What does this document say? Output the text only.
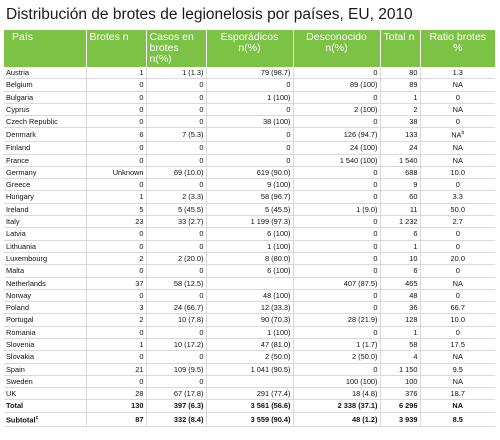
Distribución de brotes de legionelosis por países, EU, 2010
País	Brotes n	Casos en brotes n(%)	Esporádicos n(%)	Desconocido n(%)	Total n	Ratio brotes %
Austria	1	1 (1.3)	79 (98.7)	0	80	1.3
Belgium	0	0	0	89 (100)	89	NA
Bulgaria	0	0	1 (100)	0	1	0
Cyprus	0	0	0	2 (100)	2	NA
Czech Republic	0	0	38 (100)	0	38	0
Denmark	6	7 (5.3)	0	126 (94.7)	133	$NA^b$
Finland	0	0	0	24 (100)	24	NA
France	0	0	0	1 540 (100)	1 540	NA
Germany	Unknown	69 (10.0)	619 (90.0)	0	688	10.0
Greece	0	0	9 (100)	0	9	0
Hungary	1	2 (3.3)	58 (96.7)	0	60	3.3
Ireland	5	5 (45.5)	5 (45.5)	1 (9.0)	11	50.0
Italy	23	33 (2.7)	1 199 (97.3)	0	1 232	2.7
Latvia	0	0	6 (100)	0	6	0
Lithuania	0	0	1 (100)	0	1	0
Luxembourg	2	2 (20.0)	8 (80.0)	0	10	20.0
Malta	0	0	6 (100)	0	6	0
Netherlands	37	58 (12.5)		407 (87.5)	465	NA
Norway	0	0	48 (100)	0	48	0
Poland	3	24 (66.7)	12 (33.3)	0	36	66.7
Portugal	2	10 (7.8)	90 (70.3)	28 (21.9)	128	10.0
Romania	0	0	1 (100)	0	1	0
Slovenia	1	10 (17.2)	47 (81.0)	1 (1.7)	58	17.5
Slovakia	0	0	2 (50.0)	2 (50.0)	4	NA
Spain	21	109 (9.5)	1 041 (90.5)	0	1 150	9.5
Sweden	0	0		100 (100)	100	NA
UK	28	67 (17.8)	291 (77.4)	18 (4.8)	376	18.7
Total	130	397 (6.3)	3 561 (56.6)	2 338 (37.1)	6 296	NA
Subtotal$^c$	87	332 (8.4)	3 559 (90.4)	48 (1.2)	3 939	8.5
